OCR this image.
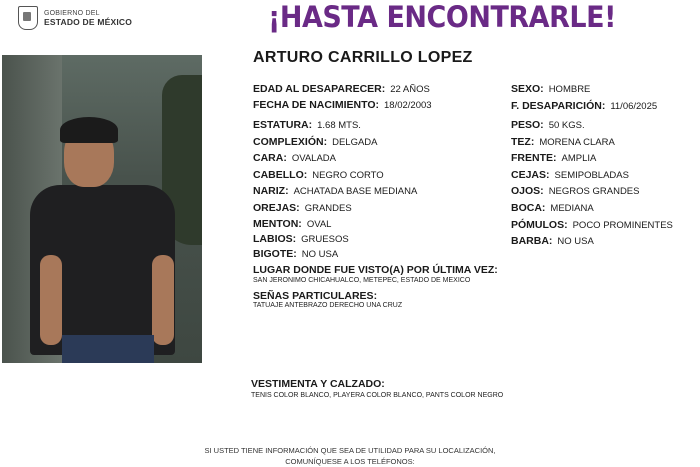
GOBIERNO DEL
ESTADO DE MÉXICO	¡HASTA ENCONTRARLE!
ARTURO CARRILLO LOPEZ
EDAD AL DESAPARECER: 22 AÑOS
FECHA DE NACIMIENTO: 18/02/2003
ESTATURA: 1.68 MTS.
COMPLEXIÓN: DELGADA
CARA: OVALADA
CABELLO: NEGRO CORTO
NARIZ: ACHATADA BASE MEDIANA
OREJAS: GRANDES
MENTON: OVAL
LABIOS: GRUESOS
BIGOTE: NO USA
SEXO: HOMBRE
F. DESAPARICIÓN: 11/06/2025
PESO: 50 KGS.
TEZ: MORENA CLARA
FRENTE: AMPLIA
CEJAS: SEMIPOBLADAS
OJOS: NEGROS GRANDES
BOCA: MEDIANA
PÓMULOS: POCO PROMINENTES
BARBA: NO USA
LUGAR DONDE FUE VISTO(A) POR ÚLTIMA VEZ:
SAN JERONIMO CHICAHUALCO, METEPEC, ESTADO DE MEXICO
SEÑAS PARTICULARES:
TATUAJE ANTEBRAZO DERECHO UNA CRUZ
VESTIMENTA Y CALZADO:
TENIS COLOR BLANCO, PLAYERA COLOR BLANCO, PANTS COLOR NEGRO
SI USTED TIENE INFORMACIÓN QUE SEA DE UTILIDAD PARA SU LOCALIZACIÓN,
COMUNÍQUESE A LOS TELÉFONOS:
